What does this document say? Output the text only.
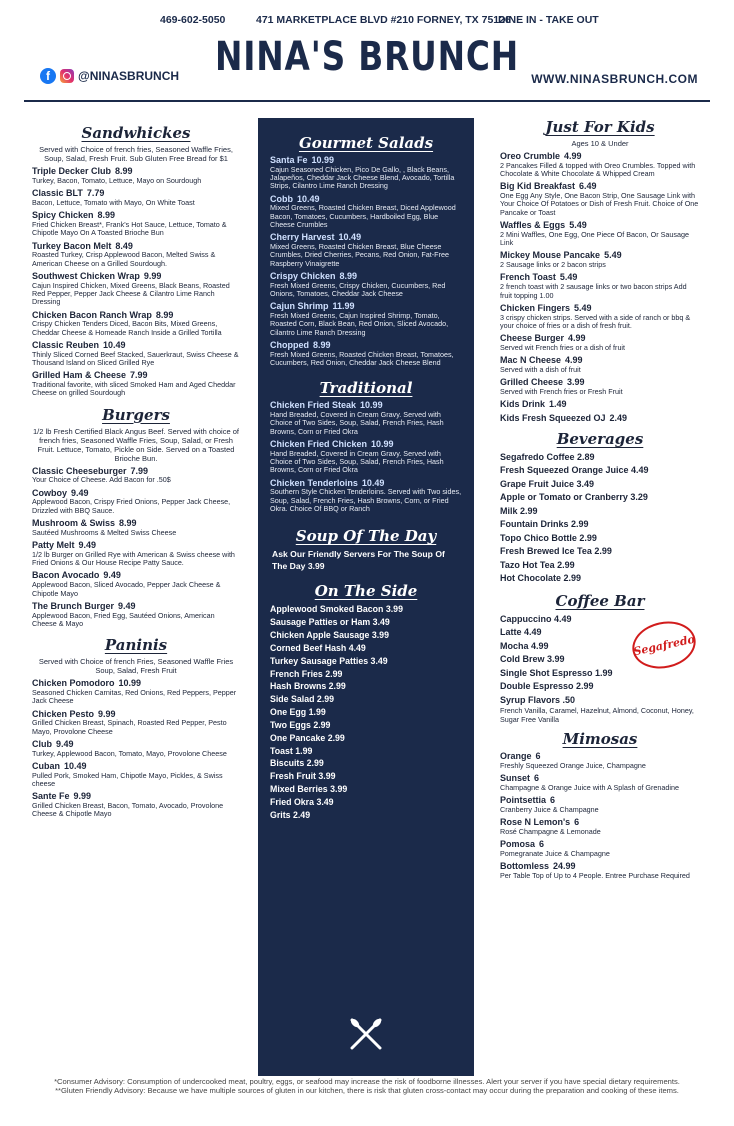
469-602-5050	471 MARKETPLACE BLVD #210 FORNEY, TX 75126
DINE IN - TAKE OUT
NINA'S BRUNCH
f	@NINASBRUNCH	WWW.NINASBRUNCH.COM
Sandwhickes
Served with Choice of french fries, Seasoned Waffle Fries, Soup, Salad, Fresh Fruit. Sub Gluten Free Bread for $1
Triple Decker Club 8.99
Turkey, Bacon, Tomato, Lettuce, Mayo on Sourdough
Classic BLT 7.79
Bacon, Lettuce, Tomato with Mayo, On White Toast
Spicy Chicken 8.99
Fried Chicken Breast*, Frank's Hot Sauce, Lettuce, Tomato & Chipotle Mayo On A Toasted Brioche Bun
Turkey Bacon Melt 8.49
Roasted Turkey, Crisp Applewood Bacon, Melted Swiss & American Cheese on a Grilled Sourdough.
Southwest Chicken Wrap 9.99
Cajun Inspired Chicken, Mixed Greens, Black Beans, Roasted Red Pepper, Pepper Jack Cheese & Cilantro Lime Ranch Dressing
Chicken Bacon Ranch Wrap 8.99
Crispy Chicken Tenders Diced, Bacon Bits, Mixed Greens, Cheddar Cheese & Homeade Ranch Inside a Grilled Tortilla
Classic Reuben 10.49
Thinly Sliced Corned Beef Stacked, Sauerkraut, Swiss Cheese & Thousand Island on Sliced Grilled Rye
Grilled Ham & Cheese 7.99
Traditional favorite, with sliced Smoked Ham and Aged Cheddar Cheese on grilled Sourdough
Burgers
1/2 lb Fresh Certified Black Angus Beef. Served with choice of french fries, Seasoned Waffle Fries, Soup, Salad, or Fresh Fruit. Lettuce, Tomato, Pickle on Side. Served on a Toasted Brioche Bun.
Classic Cheeseburger 7.99
Your Choice of Cheese. Add Bacon for .50$
Cowboy 9.49
Applewood Bacon, Crispy Fried Onions, Pepper Jack Cheese, Drizzled with BBQ Sauce.
Mushroom & Swiss 8.99
Sautéed Mushrooms & Melted Swiss Cheese
Patty Melt 9.49
1/2 lb Burger on Grilled Rye with American & Swiss cheese with Fried Onions & Our House Recipe Patty Sauce.
Bacon Avocado 9.49
Applewood Bacon, Sliced Avocado, Pepper Jack Cheese & Chipotle Mayo
The Brunch Burger 9.49
Applewood Bacon, Fried Egg, Sautéed Onions, American Cheese & Mayo
Paninis
Served with Choice of french Fries, Seasoned Waffle Fries Soup, Salad, Fresh Fruit
Chicken Pomodoro 10.99
Seasoned Chicken Carnitas, Red Onions, Red Peppers, Pepper Jack Cheese
Chicken Pesto 9.99
Grilled Chicken Breast, Spinach, Roasted Red Pepper, Pesto Mayo, Provolone Cheese
Club 9.49
Turkey, Applewood Bacon, Tomato, Mayo, Provolone Cheese
Cuban 10.49
Pulled Pork, Smoked Ham, Chipotle Mayo, Pickles, & Swiss cheese
Sante Fe 9.99
Grilled Chicken Breast, Bacon, Tomato, Avocado, Provolone Cheese & Chipotle Mayo
Gourmet Salads
Santa Fe 10.99
Cajun Seasoned Chicken, Pico De Gallo, , Black Beans, Jalapeños, Cheddar Jack Cheese Blend, Avocado, Tortilla Strips, Cilantro Lime Ranch Dressing
Cobb 10.49
Mixed Greens, Roasted Chicken Breast, Diced Applewood Bacon, Tomatoes, Cucumbers, Hardboiled Egg, Blue Cheese Crumbles
Cherry Harvest 10.49
Mixed Greens, Roasted Chicken Breast, Blue Cheese Crumbles, Dried Cherries, Pecans, Red Onion, Fat-Free Raspberry Vinaigrette
Crispy Chicken 8.99
Fresh Mixed Greens, Crispy Chicken, Cucumbers, Red Onions, Tomatoes, Cheddar Jack Cheese
Cajun Shrimp 11.99
Fresh Mixed Greens, Cajun Inspired Shrimp, Tomato, Roasted Corn, Black Bean, Red Onion, Sliced Avocado, Cilantro Lime Ranch Dressing
Chopped 8.99
Fresh Mixed Greens, Roasted Chicken Breast, Tomatoes, Cucumbers, Red Onion, Cheddar Jack Cheese Blend
Traditional
Chicken Fried Steak 10.99
Hand Breaded, Covered in Cream Gravy. Served with Choice of Two Sides, Soup, Salad, French Fries, Hash Browns, Corn or Fried Okra
Chicken Fried Chicken 10.99
Hand Breaded, Covered in Cream Gravy. Served with Choice of Two Sides, Soup, Salad, French Fries, Hash Browns, Corn or Fried Okra
Chicken Tenderloins 10.49
Southern Style Chicken Tenderloins. Served with Two sides, Soup, Salad, French Fries, Hash Browns, Corn, or Fried Okra. Choice Of BBQ or Ranch
Soup Of The Day
Ask Our Friendly Servers For The Soup Of The Day 3.99
On The Side
Applewood Smoked Bacon 3.99
Sausage Patties or Ham 3.49
Chicken Apple Sausage 3.99
Corned Beef Hash 4.49
Turkey Sausage Patties 3.49
French Fries 2.99
Hash Browns 2.99
Side Salad 2.99
One Egg 1.99
Two Eggs 2.99
One Pancake 2.99
Toast 1.99
Biscuits 2.99
Fresh Fruit 3.99
Mixed Berries 3.99
Fried Okra 3.49
Grits 2.49
Just For Kids
Ages 10 & Under
Oreo Crumble 4.99
2 Pancakes Filled & topped with Oreo Crumbles. Topped with Chocolate & White Chocolate & Whipped Cream
Big Kid Breakfast 6.49
One Egg Any Style, One Bacon Strip, One Sausage Link with Your Choice Of Potatoes or Dish of Fresh Fruit. Choice of One Pancake or Toast
Waffles & Eggs 5.49
2 Mini Waffles, One Egg, One Piece Of Bacon, Or Sausage Link
Mickey Mouse Pancake 5.49
2 Sausage links or 2 bacon strips
French Toast 5.49
2 french toast with 2 sausage links or two bacon strips Add fruit topping 1.00
Chicken Fingers 5.49
3 crispy chicken strips. Served with a side of ranch or bbq & your choice of fries or a dish of fresh fruit.
Cheese Burger 4.99
Served wit French fries or a dish of fruit
Mac N Cheese 4.99
Served with a dish of fruit
Grilled Cheese 3.99
Served with French fries or Fresh Fruit
Kids Drink 1.49
Kids Fresh Squeezed OJ 2.49
Beverages
Segafredo Coffee 2.89
Fresh Squeezed Orange Juice 4.49
Grape Fruit Juice 3.49
Apple or Tomato or Cranberry 3.29
Milk 2.99
Fountain Drinks 2.99
Topo Chico Bottle 2.99
Fresh Brewed Ice Tea 2.99
Tazo Hot Tea 2.99
Hot Chocolate 2.99
Coffee Bar
Segafredo
Cappuccino 4.49
Latte 4.49
Mocha 4.99
Cold Brew 3.99
Single Shot Espresso 1.99
Double Espresso 2.99
Syrup Flavors .50
French Vanilla, Caramel, Hazelnut, Almond, Coconut, Honey, Sugar Free Vanilla
Mimosas
Orange 6
Freshly Squeezed Orange Juice, Champagne
Sunset 6
Champagne & Orange Juice with A Splash of Grenadine
Pointsettia 6
Cranberry Juice & Champagne
Rose N Lemon's 6
Rosé Champagne & Lemonade
Pomosa 6
Pomegranate Juice & Champagne
Bottomless 24.99
Per Table Top of Up to 4 People. Entree Purchase Required
*Consumer Advisory: Consumption of undercooked meat, poultry, eggs, or seafood may increase the risk of foodborne illnesses. Alert your server if you have special dietary requirements.
**Gluten Friendly Advisory: Because we have multiple sources of gluten in our kitchen, there is risk that gluten cross-contact may occur during the preparation and cooking of these items.
